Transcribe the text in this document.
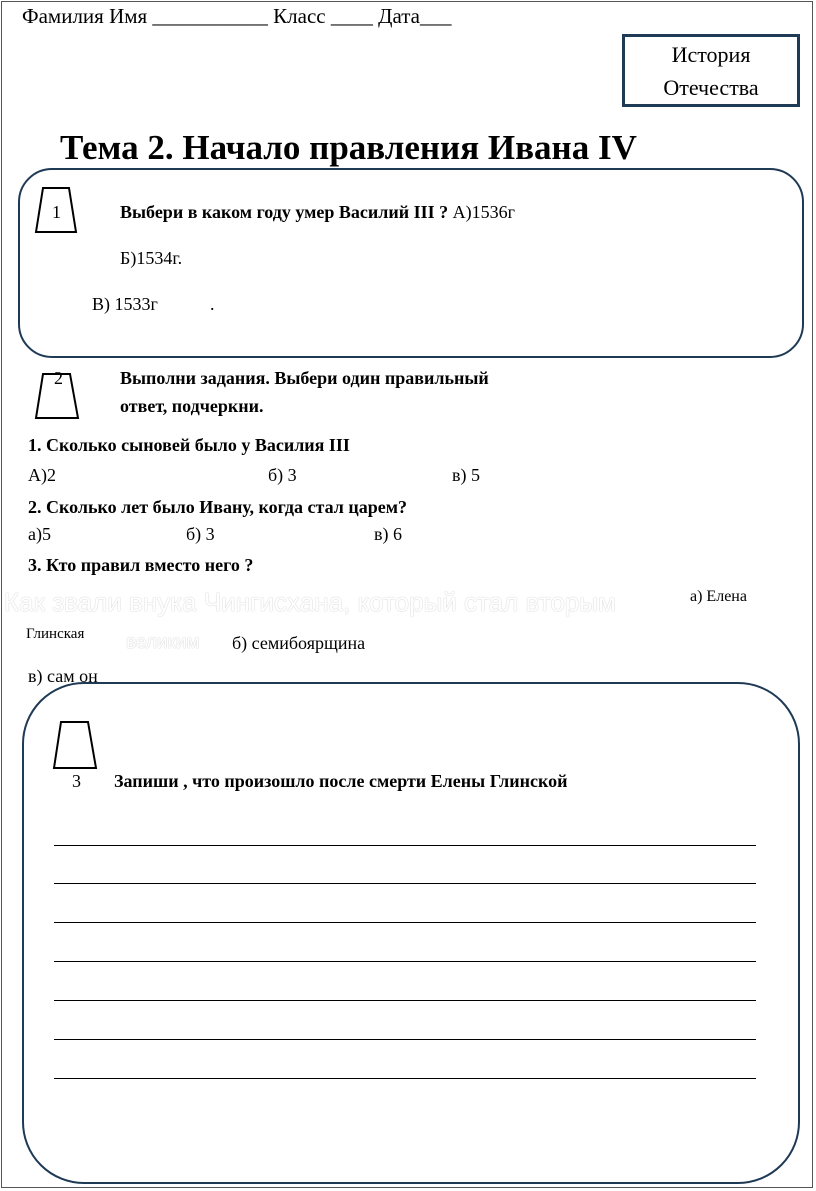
Фамилия Имя ___________ Класс ____ Дата___
История
Отечества
Тема 2. Начало правления Ивана IV
1	Выбери в каком году умер Василий III ? А)1536г
Б)1534г.
В) 1533г	.
2	Выполни задания. Выбери один правильный
ответ, подчеркни.
1. Сколько сыновей было у Василия III
А)2	б) 3	в) 5
2. Сколько лет было Ивану, когда стал царем?
а)5	б) 3	в) 6
3. Кто правил вместо него ?
Как звали внука Чингисхана, который стал вторым	а) Елена
Глинская великим б) семибоярщина
в) сам он
3 Запиши , что произошло после смерти Елены Глинской
